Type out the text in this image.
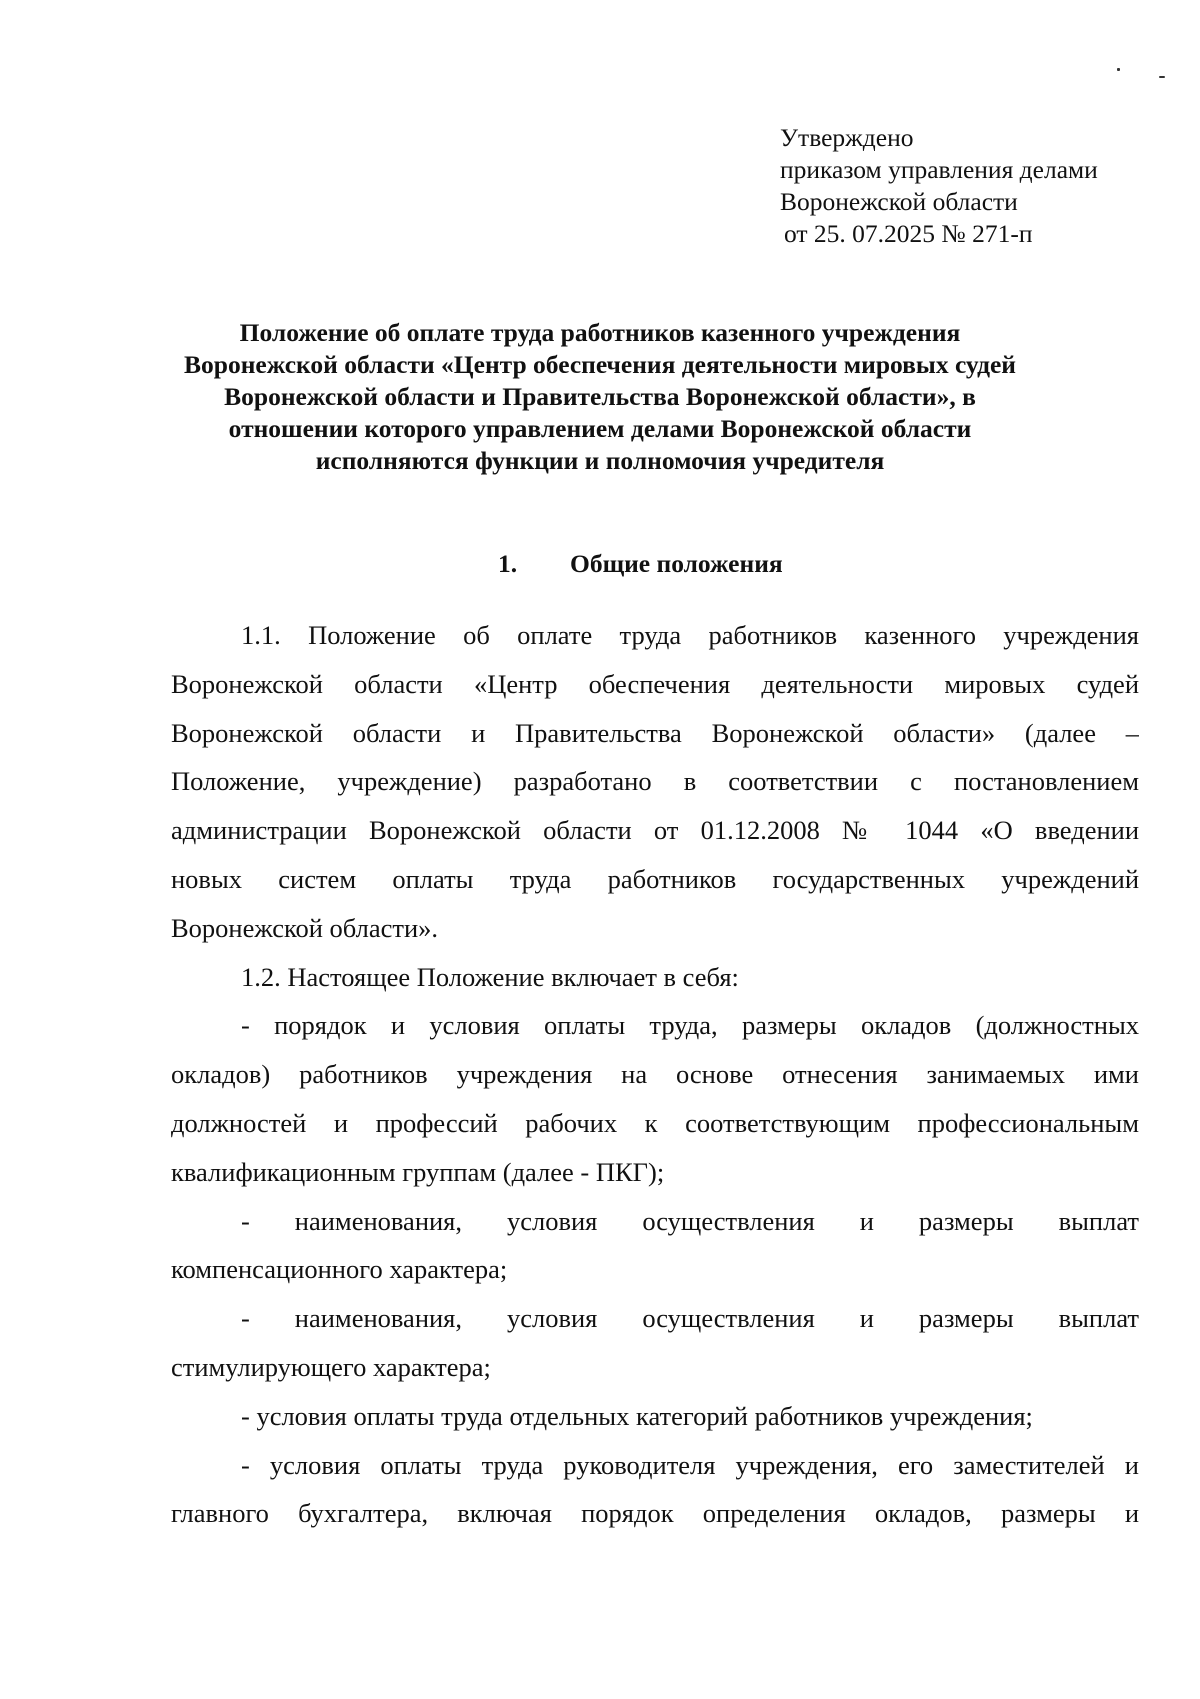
Утверждено
приказом управления делами
Воронежской области
от 25. 07.2025 № 271-п
Положение об оплате труда работников казенного учреждения
Воронежской области «Центр обеспечения деятельности мировых судей
Воронежской области и Правительства Воронежской области», в
отношении которого управлением делами Воронежской области
исполняются функции и полномочия учредителя
1. Общие положения
1.1. Положение об оплате труда работников казенного учреждения
Воронежской области «Центр обеспечения деятельности мировых судей
Воронежской области и Правительства Воронежской области» (далее –
Положение, учреждение) разработано в соответствии с постановлением
администрации Воронежской области от 01.12.2008 № 1044 «О введении
новых систем оплаты труда работников государственных учреждений
Воронежской области».
1.2. Настоящее Положение включает в себя:
- порядок и условия оплаты труда, размеры окладов (должностных
окладов) работников учреждения на основе отнесения занимаемых ими
должностей и профессий рабочих к соответствующим профессиональным
квалификационным группам (далее - ПКГ);
- наименования, условия осуществления и размеры выплат
компенсационного характера;
- наименования, условия осуществления и размеры выплат
стимулирующего характера;
- условия оплаты труда отдельных категорий работников учреждения;
- условия оплаты труда руководителя учреждения, его заместителей и
главного бухгалтера, включая порядок определения окладов, размеры и
